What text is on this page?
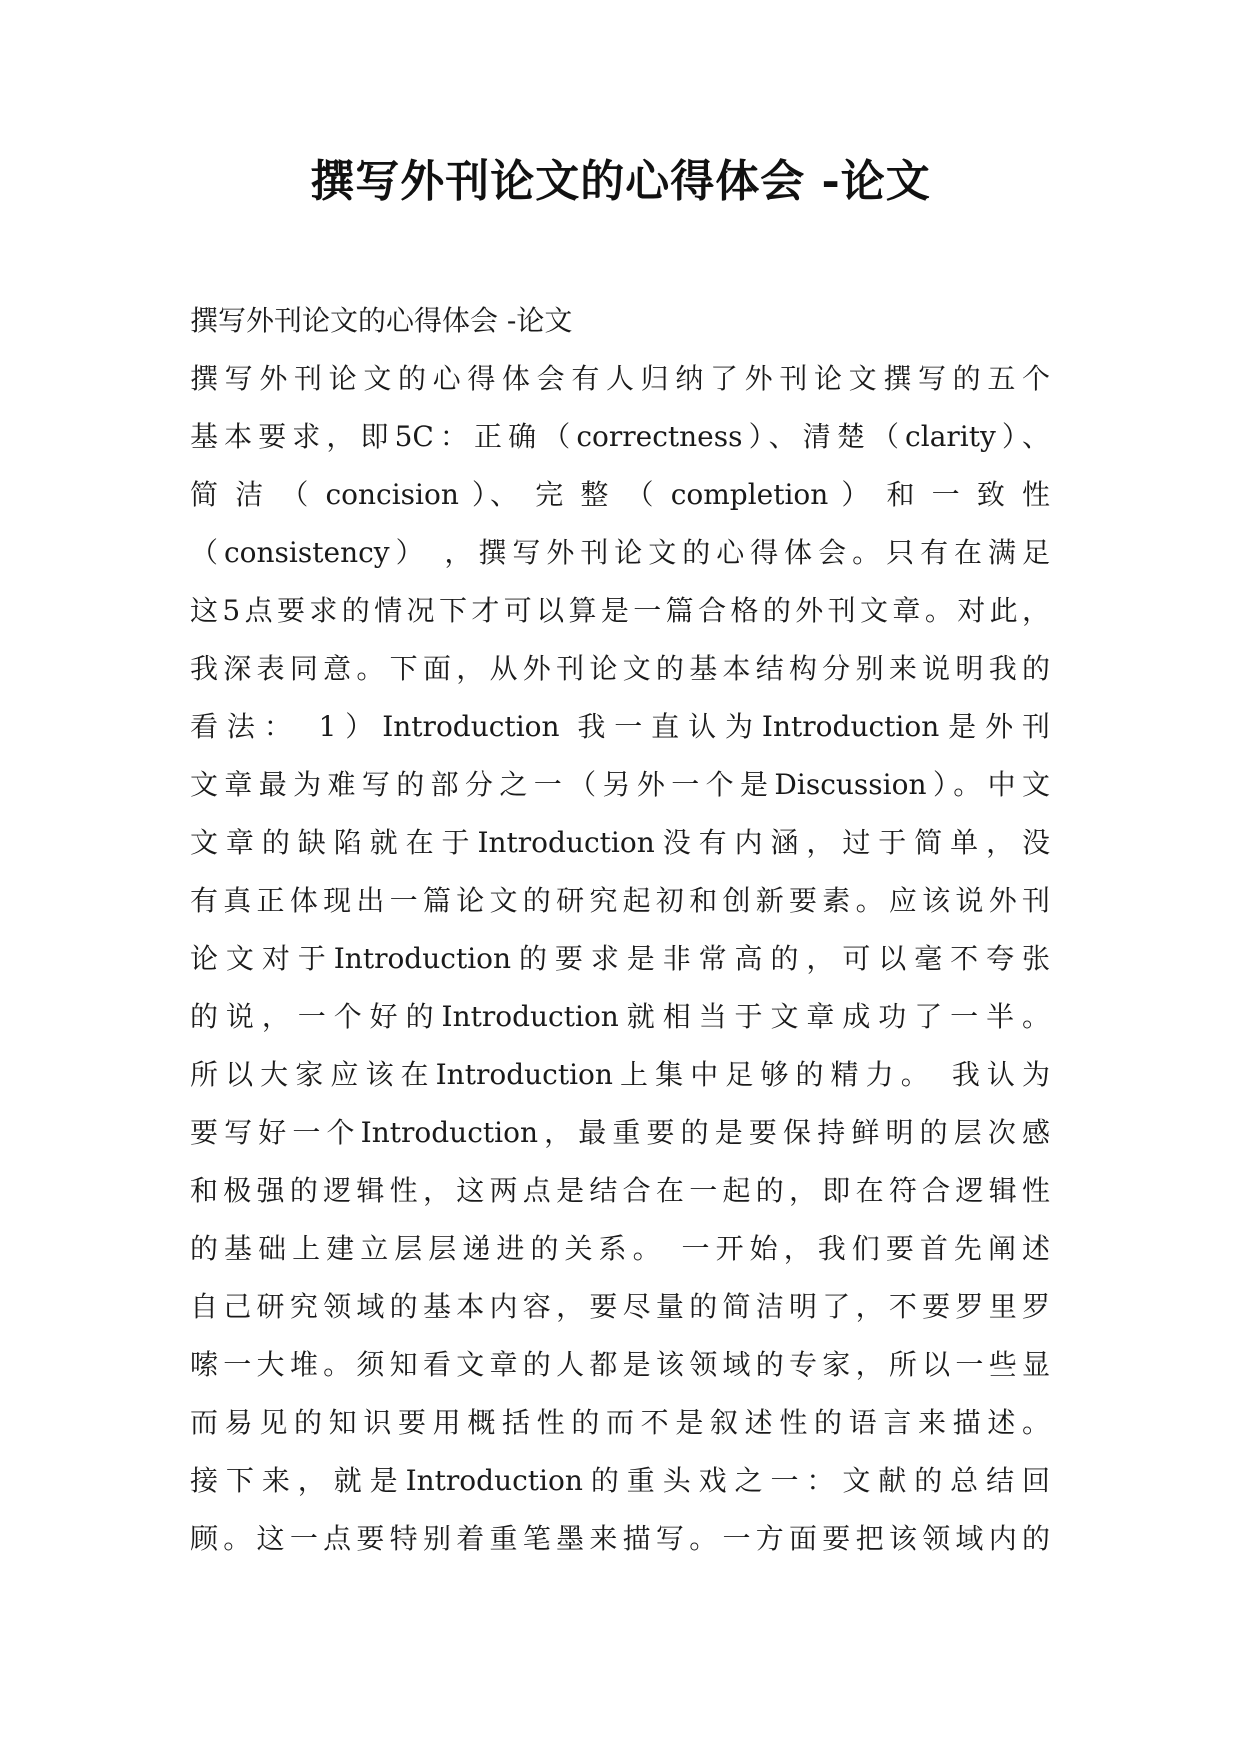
撰写外刊论文的心得体会 -论文

撰写外刊论文的心得体会 -论文

撰写外刊论文的心得体会有人归纳了外刊论文撰写的五个

基本要求，即5C：正确（correctness）、清楚（clarity）、

简 洁 （ concision ）、 完 整 （ completion ） 和 一 致 性

（consistency） ，撰写外刊论文的心得体会。只有在满足

这5点要求的情况下才可以算是一篇合格的外刊文章。对此，

我深表同意。下面，从外刊论文的基本结构分别来说明我的

看法： 1）Introduction 我一直认为Introduction是外刊

文章最为难写的部分之一（另外一个是Discussion）。中文

文章的缺陷就在于Introduction没有内涵，过于简单，没

有真正体现出一篇论文的研究起初和创新要素。应该说外刊

论文对于Introduction的要求是非常高的，可以毫不夸张

的说，一个好的Introduction就相当于文章成功了一半。

所以大家应该在Introduction上集中足够的精力。 我认为

要写好一个Introduction，最重要的是要保持鲜明的层次感

和极强的逻辑性，这两点是结合在一起的，即在符合逻辑性

的基础上建立层层递进的关系。 一开始，我们要首先阐述

自己研究领域的基本内容，要尽量的简洁明了，不要罗里罗

嗦一大堆。须知看文章的人都是该领域的专家，所以一些显

而易见的知识要用概括性的而不是叙述性的语言来描述。

接下来，就是Introduction的重头戏之一：文献的总结回

顾。这一点要特别着重笔墨来描写。一方面要把该领域内的
